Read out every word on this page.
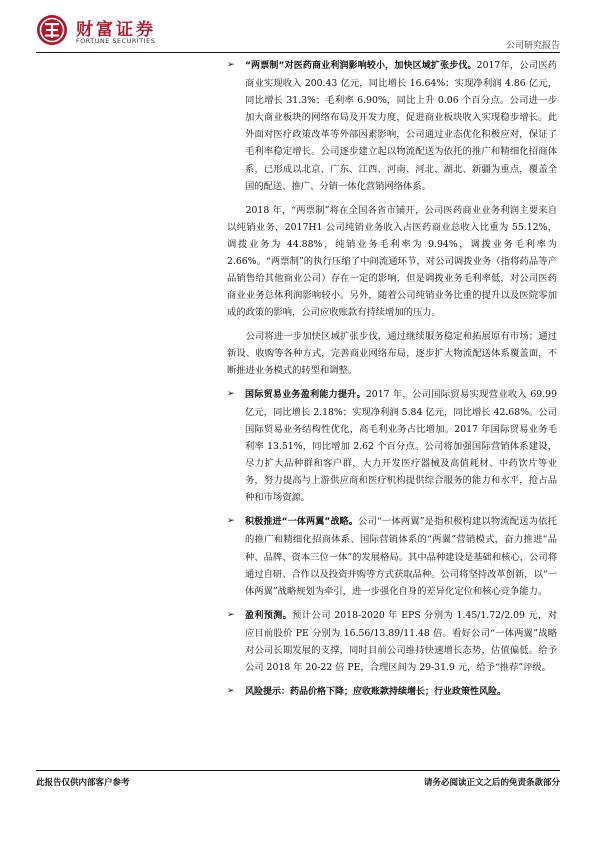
财富证券
FORTUNE SECURITIES	公司研究报告
➢ “两票制”对医药商业利润影响较小，加快区域扩张步伐。2017年，公司医药商业实现收入 200.43 亿元，同比增长 16.64%；实现净利润 4.86 亿元，同比增长 31.3%；毛利率 6.90%，同比上升 0.06 个百分点。公司进一步加大商业板块的网络布局及开发力度，促进商业板块收入实现稳步增长。此外面对医疗政策改革等外部因素影响，公司通过业态优化积极应对，保证了毛利率稳定增长。公司逐步建立起以物流配送为依托的推广和精细化招商体系，已形成以北京、广东、江西、河南、河北、湖北、新疆为重点，覆盖全国的配送、推广、分销一体化营销网络体系。

2018 年，“两票制”将在全国各省市铺开，公司医药商业业务利润主要来自以纯销业务，2017H1 公司纯销业务收入占医药商业总收入比重为 55.12%，调拨业务为 44.88%，纯销业务毛利率为 9.94%，调拨业务毛利率为 2.66%。“两票制”的执行压缩了中间流通环节，对公司调拨业务（指将药品等产品销售给其他商业公司）存在一定的影响，但是调拨业务毛利率低，对公司医药商业业务总体利润影响较小。另外，随着公司纯销业务比重的提升以及医院零加成的政策的影响，公司应收账款有持续增加的压力。

公司将进一步加快区域扩张步伐，通过继续服务稳定和拓展原有市场；通过新设、收购等各种方式，完善商业网络布局，逐步扩大物流配送体系覆盖面，不断推进业务模式的转型和调整。

➢ 国际贸易业务盈利能力提升。2017 年，公司国际贸易实现营业收入 69.99 亿元，同比增长 2.18%；实现净利润 5.84 亿元，同比增长 42.68%。公司国际贸易业务结构性优化，高毛利业务占比增加。2017 年国际贸易业务毛利率 13.51%，同比增加 2.62 个百分点。公司将加强国际营销体系建设，尽力扩大品种群和客户群，大力开发医疗器械及高值耗材、中药饮片等业务，努力提高与上游供应商和医疗机构提供综合服务的能力和水平，抢占品种和市场资源。
➢ 积极推进“一体两翼”战略。公司“一体两翼”是指积极构建以物流配送为依托的推广和精细化招商体系、国际营销体系的“两翼”营销模式，奋力推进“品种、品牌、资本三位一体”的发展格局。其中品种建设是基础和核心，公司将通过自研、合作以及投资并购等方式获取品种。公司将坚持改革创新，以“一体两翼”战略规划为牵引，进一步强化自身的差异化定位和核心竞争能力。
➢ 盈利预测。预计公司 2018-2020 年 EPS 分别为 1.45/1.72/2.09 元，对应目前股价 PE 分别为 16.56/13.89/11.48 倍。看好公司“一体两翼”战略对公司长期发展的支撑，同时目前公司维持快速增长态势，估值偏低。给予公司 2018 年 20-22 倍 PE，合理区间为 29-31.9 元，给予“推荐”评级。
➢ 风险提示：药品价格下降；应收账款持续增长；行业政策性风险。
此报告仅供内部客户参考	请务必阅读正文之后的免责条款部分
